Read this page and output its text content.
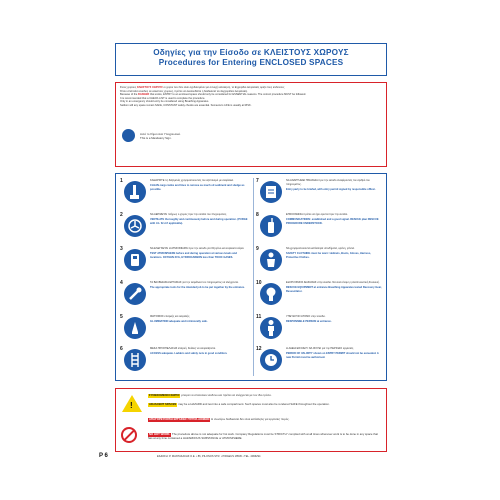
Οδηγίες για την Είσοδο σε ΚΛΕΙΣΤΟΥΣ ΧΩΡΟΥΣ
Procedures for Entering ENCLOSED SPACES
Στους χώρους ΚΛΕΙΣΤΟΥΣ ΧΩΡΟΥΣ οι χώροι που δεν είναι σχεδιασμένοι για συνεχή κατοίκηση, το Εγχειρίδιο Ασφαλείας ορίζει τους κινδύνους
Όπου απαιτείται είσοδος σε κλειστούς χώρους, πρέπει να ακολουθείται η διαδικασία του Εγχειριδίου Ασφαλείας.
Because of the DANGER that exists, ENTRY to an enclosed space should only be considered for ESSENTIAL reasons. The correct procedure MUST be followed.
It is recommended that a CHECK-LIST is used to complete the procedure.
Only in an emergency should entry be considered using Breathing Apparatus.
Seldom will any space remain SAFE, CONSTANT safety checks are essential. Someone's LIFE is usually at RISK.
Αυτό το Σήμα είναι Υποχρεωτικό.
This is a Mandatory Sign.
1	ΚΑΘΑΡΙΣΤΕ τις δεξαμενές χρησιμοποιώντας τον εξοπλισμό με ασφάλεια.

CLEAN cargo tanks and lines to remove as much oil sediment and sludge as possible.

2	ΝΑ ΑΕΡΙΖΕΤΑΙ πλήρως ο χώρος πριν την είσοδο του πληρώματος.

VENTILATE thoroughly and continuously before and during operation. (PURGE with I.G. first if applicable).

3	ΝΑ ΕΛΕΓΧΕΤΑΙ Η ΑΤΜΟΣΦΑΙΡΑ πριν την είσοδο για Οξυγόνο και εύφλεκτα αέρια.

TEST ATMOSPHERE before and during operation at various levels and locations. OXYGEN 21%, HYDROCARBON less than TOXIC GASES.

4	ΤΑ ΒΑΛΒΙΔΑΚΙΑ ΕΡΓΑΣΙΑΣ για την ασφάλεια του πληρώματος να ελέγχονται.

The appropriate tools for the intended job to be put together by the entrance.

5	ΦΩΤΙΣΜΟΣ επαρκής και ασφαλής.

ILLUMINATION adequate and intrinsically safe.

6	ΜΕΣΑ ΠΡΟΣΠΕΛΑΣΗΣ επαρκή. Σκάλες να ασφαλίζονται.

ACCESS adequate. Ladders and safety nets in good condition.

7	ΝΑ ΑΝΑΡΤΗΘΕΙ ΠΙΝΑΚΙΔΑ πριν την είσοδο αναφέροντας τον αριθμό του πληρώματος.

Entry party to be briefed, with entry permit signed by responsible officer.

8	ΕΠΙΚΟΙΝΩΝΙΑ πρέπει να έχει οριστεί πριν την είσοδο.

COMMUNICATIONS: established and a good signal. RESCUE plan RESCUE PROCEDURE UNDERSTOOD.

9	ΝΑ χρησιμοποιούνται κατάλληλα υποδήματα, κράνη, γάντια.

SAFETY CLOTHING must be worn: Helmets, Boots, Gloves, Harness, Protective Clothes.

10	ΕΞΟΠΛΙΣΜΟΣ ΔΙΑΣΩΣΗΣ στην είσοδο. Να είναι έτοιμη η Αναπνευστική Συσκευή.

RESCUE EQUIPMENT at entrance Breathing Apparatus tested Recovery Gear, Resuscitator.

11	ΥΠΕΥΘΥΝΟ ΑΤΟΜΟ στην είσοδο.

RESPONSIBLE PERSON at entrance.

12	Η ΑΔΕΙΑ ΕΙΣΟΔΟΥ ΝΑ ΙΣΧΥΕΙ για την ΠΕΡΙΟΔΟ εργασίας.

PERIOD OF VALIDITY shown on ENTRY PERMIT should not be exceeded. A new Permit must be authorised.

!
ΣΥΝΕΧΟΜΕΝΟΙ ΧΩΡΟΙ μπορεί να αποτελούν κίνδυνο και πρέπει να ελέγχονται με τον ίδιο τρόπο.
ADJACENT SPACES may be a HAZARD and test into a safe compartment. Such spaces must also be rendered SAFE throughout the operation.
ΑΠΑΓΟΡΕΥΟΝΤΑΙ ΕΡΓΑΣΙΕΣ ΠΥΡΟΣ-ΑΙΧΜΩΝ Η ανωτέρω διαδικασία δεν είναι κατάλληλη για εργασίες πυρός.
NO HOT WORK. The procedure above is not adequate for hot work. Company Regulations must be STRICTLY complied with at all times whenever work is to be done in any space that has at any time contained a HAZARDOUS SUBSTANCE or ATMOSPHERE.
P 6	ΕΚΔΟΣΗ: Ρ. ΜΑΝΤΑΚΑΚΗΣ Ο.Ε. • 86, PILONOS STR. • PIRAEUS 18536 • TEL. 4096294
